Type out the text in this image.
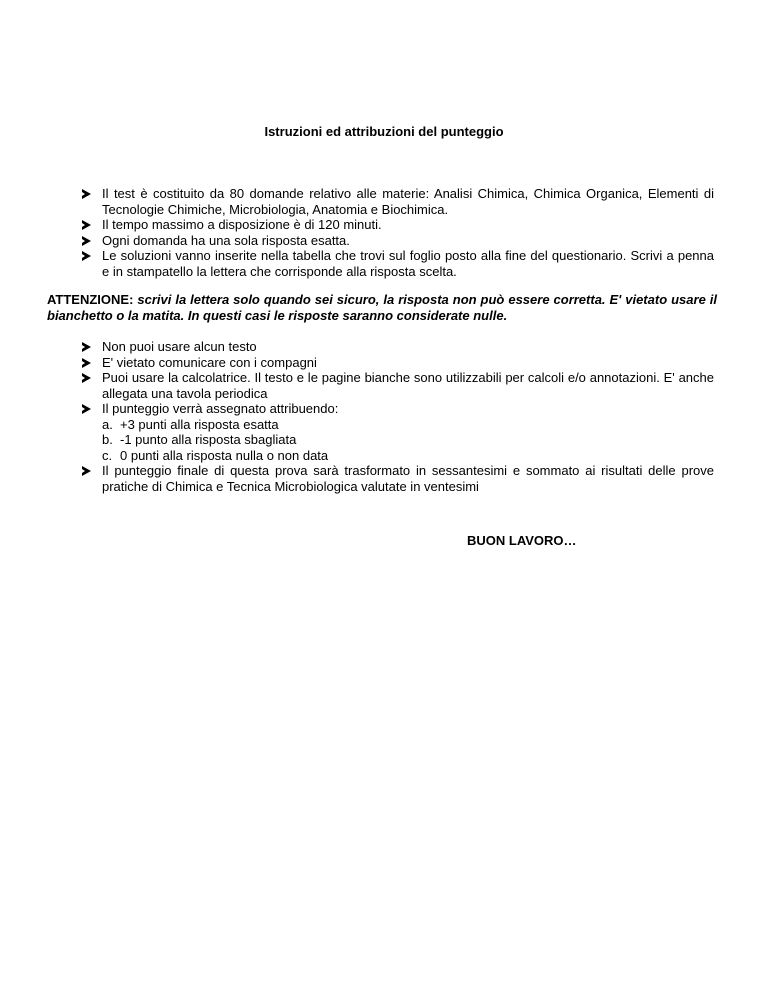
Istruzioni ed attribuzioni del punteggio
Il test è costituito da 80 domande relativo alle materie: Analisi Chimica, Chimica Organica, Elementi di Tecnologie Chimiche, Microbiologia, Anatomia e Biochimica.
Il tempo massimo a disposizione è di 120 minuti.
Ogni domanda ha una sola risposta esatta.
Le soluzioni vanno inserite nella tabella che trovi sul foglio posto alla fine del questionario. Scrivi a penna e in stampatello la lettera che corrisponde alla risposta scelta.
ATTENZIONE: scrivi la lettera solo quando sei sicuro, la risposta non può essere corretta. E' vietato usare il bianchetto o la matita. In questi casi le risposte saranno considerate nulle.
Non puoi usare alcun testo
E' vietato comunicare con i compagni
Puoi usare la calcolatrice. Il testo e le pagine bianche sono utilizzabili per calcoli e/o annotazioni. E' anche allegata una tavola periodica
Il punteggio verrà assegnato attribuendo:
a. +3 punti alla risposta esatta
b. -1 punto alla risposta sbagliata
c. 0 punti alla risposta nulla o non data
Il punteggio finale di questa prova sarà trasformato in sessantesimi e sommato ai risultati delle prove pratiche di Chimica e Tecnica Microbiologica valutate in ventesimi
BUON LAVORO…
